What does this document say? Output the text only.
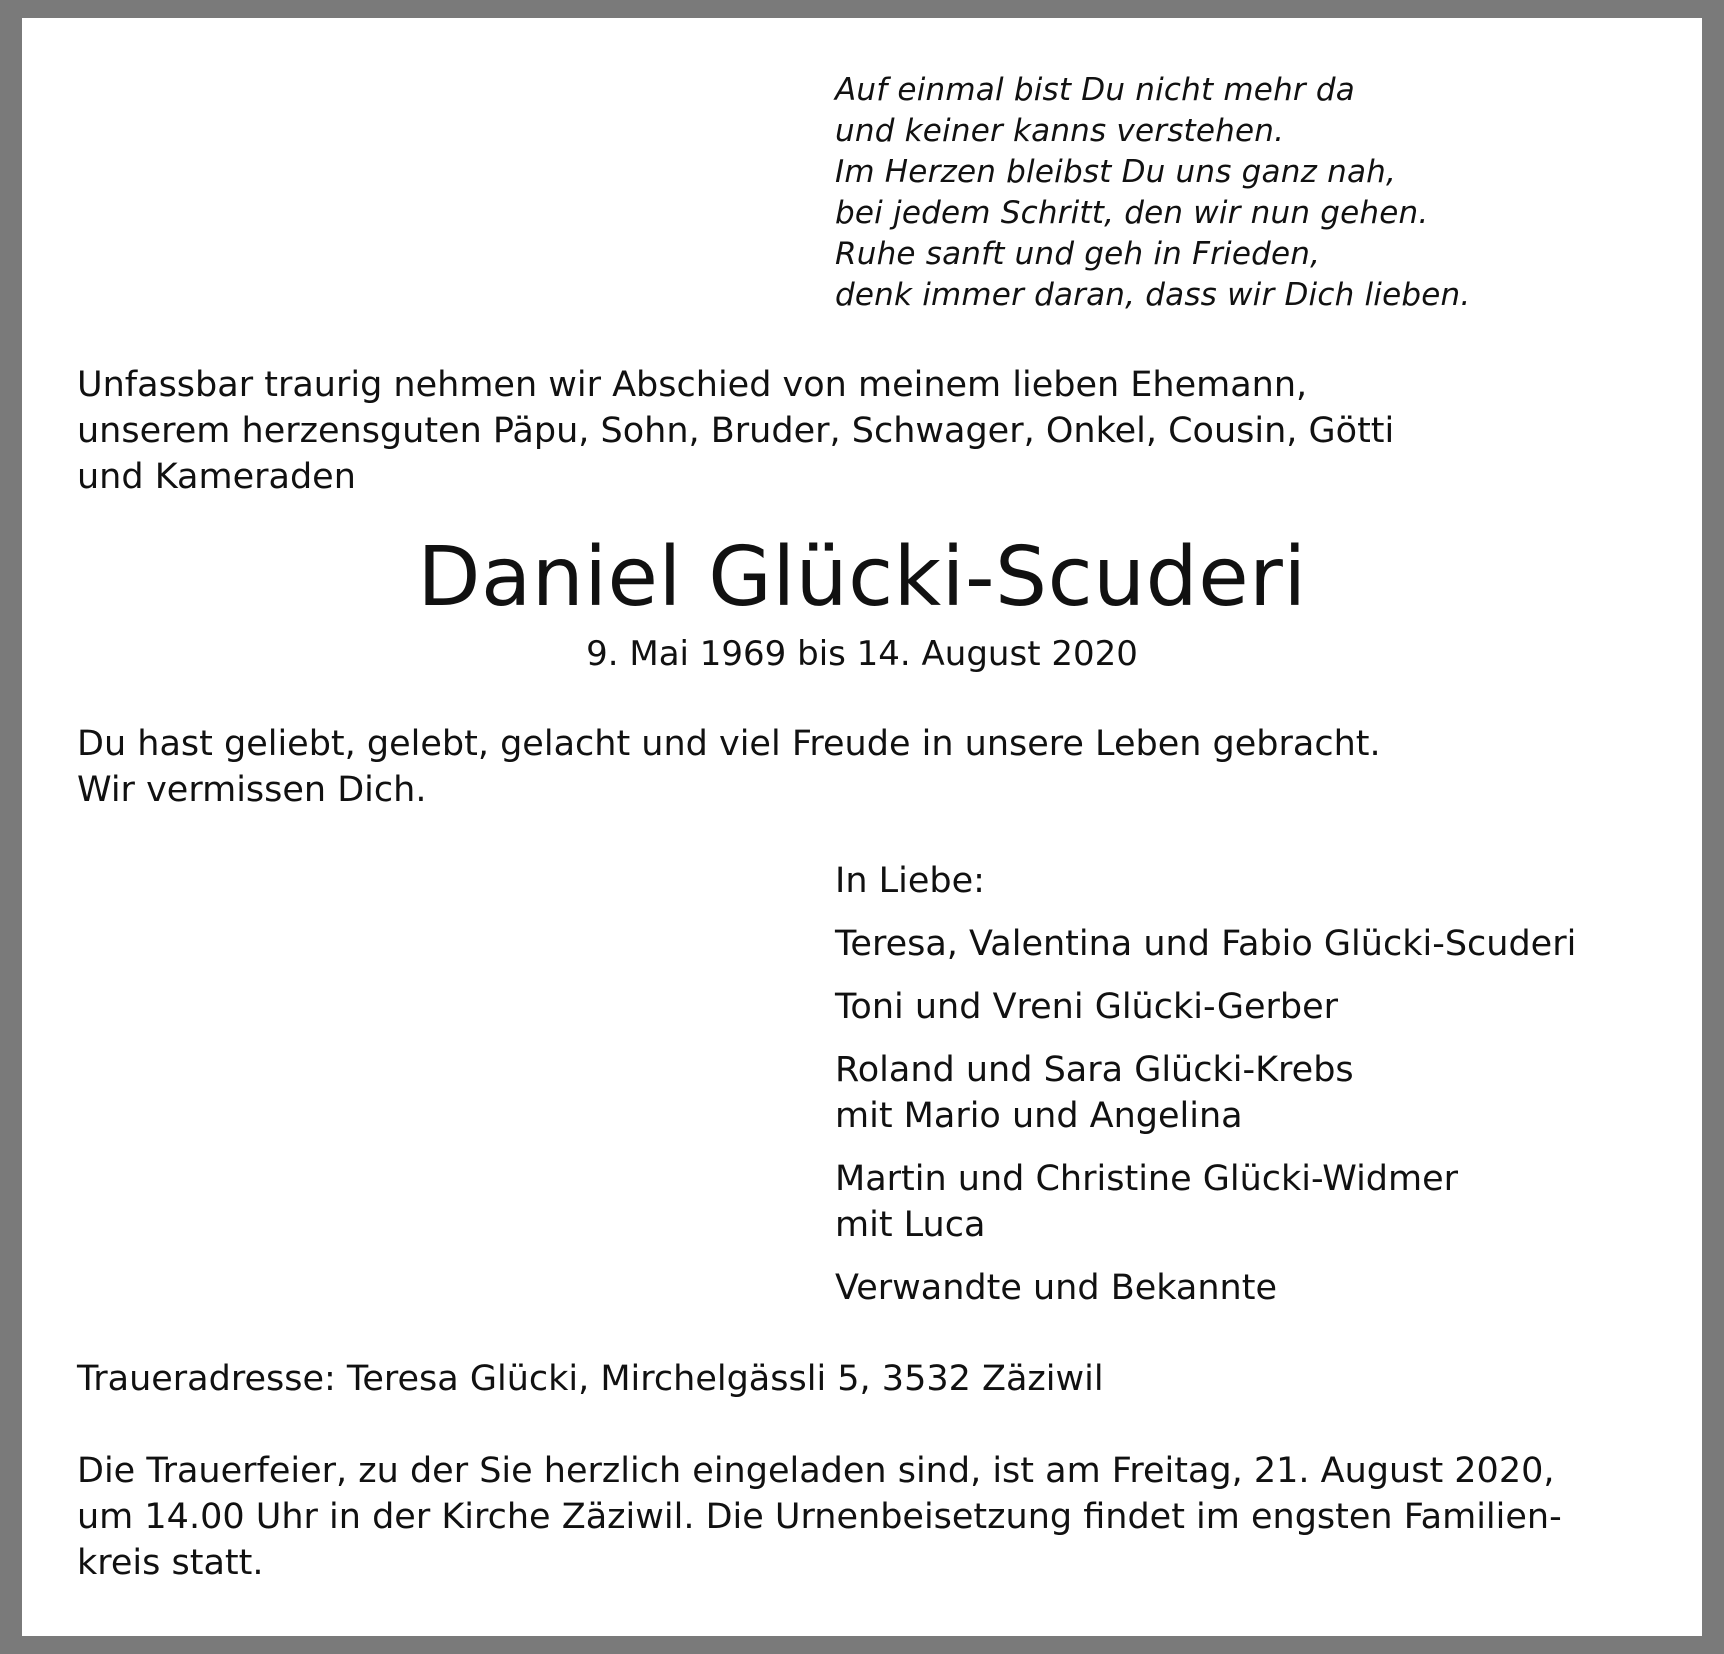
Auf einmal bist Du nicht mehr da
und keiner kanns verstehen.
Im Herzen bleibst Du uns ganz nah,
bei jedem Schritt, den wir nun gehen.
Ruhe sanft und geh in Frieden,
denk immer daran, dass wir Dich lieben.
Unfassbar traurig nehmen wir Abschied von meinem lieben Ehemann,
unserem herzensguten Päpu, Sohn, Bruder, Schwager, Onkel, Cousin, Götti
und Kameraden
Daniel Glücki-Scuderi
9. Mai 1969 bis 14. August 2020
Du hast geliebt, gelebt, gelacht und viel Freude in unsere Leben gebracht.
Wir vermissen Dich.
In Liebe:
Teresa, Valentina und Fabio Glücki-Scuderi
Toni und Vreni Glücki-Gerber
Roland und Sara Glücki-Krebs
mit Mario und Angelina
Martin und Christine Glücki-Widmer
mit Luca
Verwandte und Bekannte
Traueradresse: Teresa Glücki, Mirchelgässli 5, 3532 Zäziwil
Die Trauerfeier, zu der Sie herzlich eingeladen sind, ist am Freitag, 21. August 2020,
um 14.00 Uhr in der Kirche Zäziwil. Die Urnenbeisetzung findet im engsten Familien-
kreis statt.
